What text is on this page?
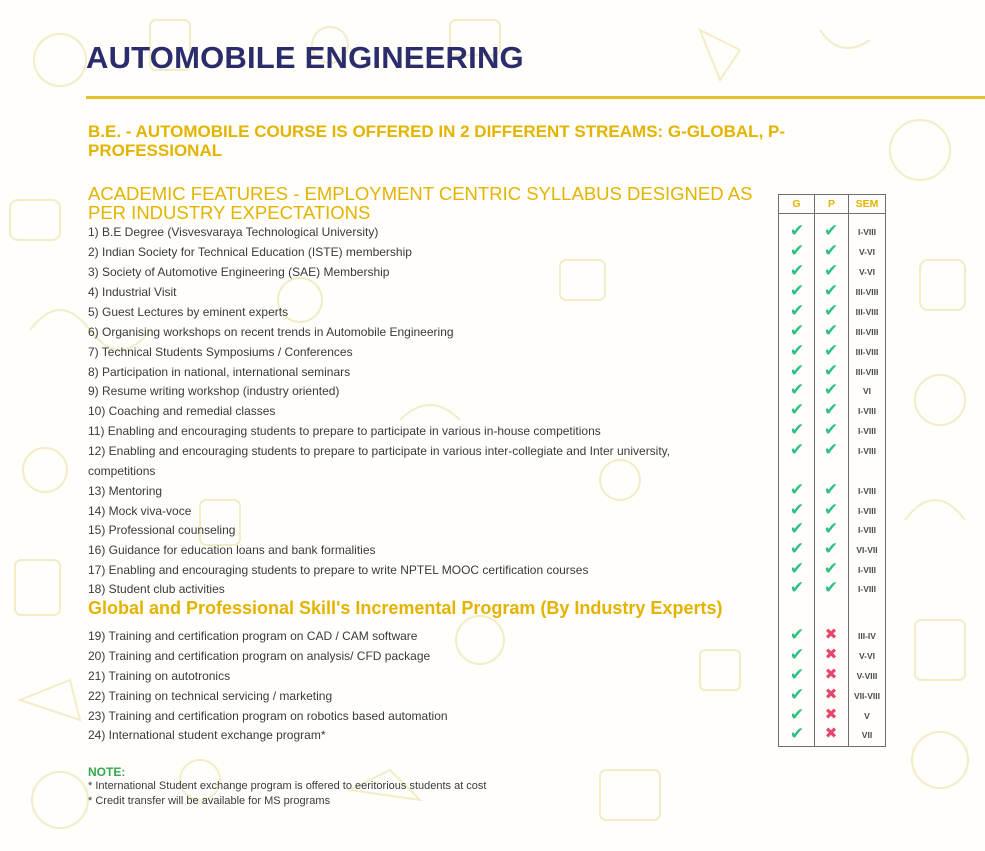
AUTOMOBILE ENGINEERING
B.E. - AUTOMOBILE COURSE IS OFFERED IN 2 DIFFERENT STREAMS: G-GLOBAL, P-PROFESSIONAL
ACADEMIC FEATURES - EMPLOYMENT CENTRIC SYLLABUS DESIGNED AS PER INDUSTRY EXPECTATIONS
1) B.E Degree (Visvesvaraya Technological University)
2) Indian Society for Technical Education (ISTE) membership
3) Society of Automotive Engineering (SAE) Membership
4) Industrial Visit
5) Guest Lectures by eminent experts
6) Organising workshops on recent trends in Automobile Engineering
7) Technical Students Symposiums / Conferences
8) Participation in national, international seminars
9) Resume writing workshop (industry oriented)
10) Coaching and remedial classes
11) Enabling and encouraging students to prepare to participate in various in-house competitions
12) Enabling and encouraging students to prepare to participate in various inter-collegiate and Inter university, competitions
13) Mentoring
14) Mock viva-voce
15) Professional counseling
16) Guidance for education loans and bank formalities
17) Enabling and encouraging students to prepare to write NPTEL MOOC certification courses
18) Student club activities
19) Training and certification program on CAD / CAM software
20) Training and certification program on analysis/ CFD package
21) Training on autotronics
22) Training on technical servicing / marketing
23) Training and certification program on robotics based automation
24) International student exchange program*
Global and Professional Skill's Incremental Program (By Industry Experts)
NOTE:
* International Student exchange program is offered to eeritorious students at cost
* Credit transfer will be available for MS programs
G	P	SEM
✔	✔	I-VIII
✔	✔	V-VI
✔	✔	V-VI
✔	✔	III-VIII
✔	✔	III-VIII
✔	✔	III-VIII
✔	✔	III-VIII
✔	✔	III-VIII
✔	✔	VI
✔	✔	I-VIII
✔	✔	I-VIII
✔	✔	I-VIII
✔	✔	I-VIII
✔	✔	I-VIII
✔	✔	I-VIII
✔	✔	VI-VII
✔	✔	I-VIII
✔	✔	I-VIII
✔	✖	III-IV
✔	✖	V-VI
✔	✖	V-VIII
✔	✖	VII-VIII
✔	✖	V
✔	✖	VII
